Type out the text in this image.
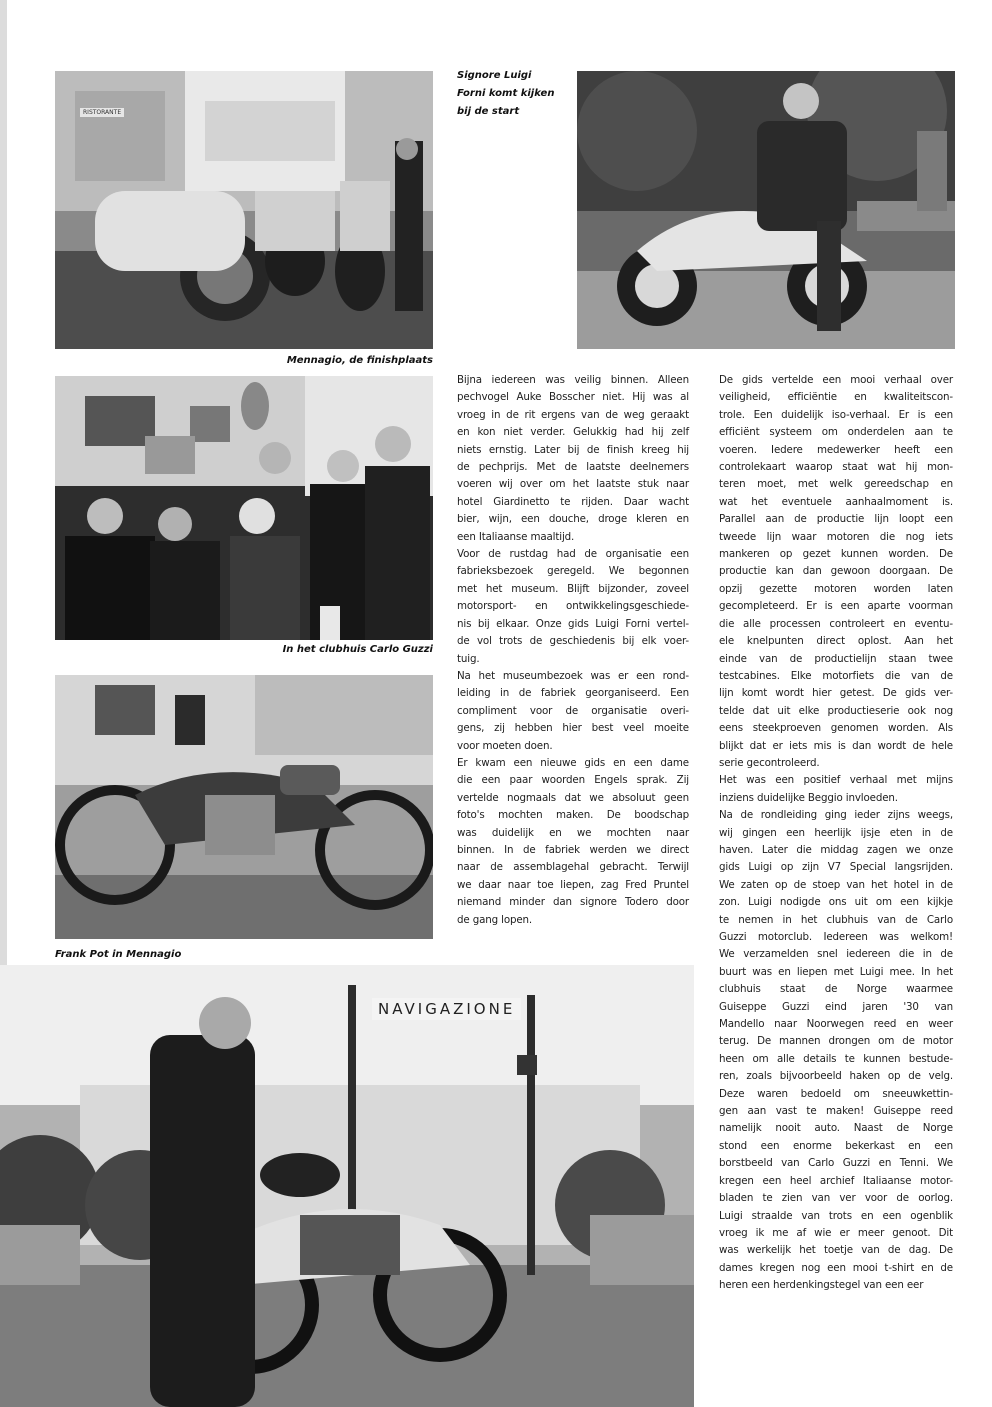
Mennagio, de finishplaats
Signore Luigi
Forni komt kijken
bij de start
In het clubhuis Carlo Guzzi
Frank Pot in Mennagio
NAVIGAZIONE

Bijna iedereen was veilig binnen. Alleen

pechvogel Auke Bosscher niet. Hij was al

vroeg in de rit ergens van de weg geraakt

en kon niet verder. Gelukkig had hij zelf

niets ernstig. Later bij de finish kreeg hij

de pechprijs. Met de laatste deelnemers

voeren wij over om het laatste stuk naar

hotel Giardinetto te rijden. Daar wacht

bier, wijn, een douche, droge kleren en

een Italiaanse maaltijd.

Voor de rustdag had de organisatie een

fabrieksbezoek geregeld. We begonnen

met het museum. Blijft bijzonder, zoveel

motorsport- en ontwikkelingsgeschiede-

nis bij elkaar. Onze gids Luigi Forni vertel-

de vol trots de geschiedenis bij elk voer-

tuig.

Na het museumbezoek was er een rond-

leiding in de fabriek georganiseerd. Een

compliment voor de organisatie overi-

gens, zij hebben hier best veel moeite

voor moeten doen.

Er kwam een nieuwe gids en een dame

die een paar woorden Engels sprak. Zij

vertelde nogmaals dat we absoluut geen

foto's mochten maken. De boodschap

was duidelijk en we mochten naar

binnen. In de fabriek werden we direct

naar de assemblagehal gebracht. Terwijl

we daar naar toe liepen, zag Fred Pruntel

niemand minder dan signore Todero door

de gang lopen.

De gids vertelde een mooi verhaal over

veiligheid, efficiëntie en kwaliteitscon-

trole. Een duidelijk iso-verhaal. Er is een

efficiënt systeem om onderdelen aan te

voeren. Iedere medewerker heeft een

controlekaart waarop staat wat hij mon-

teren moet, met welk gereedschap en

wat het eventuele aanhaalmoment is.

Parallel aan de productie lijn loopt een

tweede lijn waar motoren die nog iets

mankeren op gezet kunnen worden. De

productie kan dan gewoon doorgaan. De

opzij gezette motoren worden laten

gecompleteerd. Er is een aparte voorman

die alle processen controleert en eventu-

ele knelpunten direct oplost. Aan het

einde van de productielijn staan twee

testcabines. Elke motorfiets die van de

lijn komt wordt hier getest. De gids ver-

telde dat uit elke productieserie ook nog

eens steekproeven genomen worden. Als

blijkt dat er iets mis is dan wordt de hele

serie gecontroleerd.

Het was een positief verhaal met mijns

inziens duidelijke Beggio invloeden.

Na de rondleiding ging ieder zijns weegs,

wij gingen een heerlijk ijsje eten in de

haven. Later die middag zagen we onze

gids Luigi op zijn V7 Special langsrijden.

We zaten op de stoep van het hotel in de

zon. Luigi nodigde ons uit om een kijkje

te nemen in het clubhuis van de Carlo

Guzzi motorclub. Iedereen was welkom!

We verzamelden snel iedereen die in de

buurt was en liepen met Luigi mee. In het

clubhuis staat de Norge waarmee

Guiseppe Guzzi eind jaren '30 van

Mandello naar Noorwegen reed en weer

terug. De mannen drongen om de motor

heen om alle details te kunnen bestude-

ren, zoals bijvoorbeeld haken op de velg.

Deze waren bedoeld om sneeuwkettin-

gen aan vast te maken! Guiseppe reed

namelijk nooit auto. Naast de Norge

stond een enorme bekerkast en een

borstbeeld van Carlo Guzzi en Tenni. We

kregen een heel archief Italiaanse motor-

bladen te zien van ver voor de oorlog.

Luigi straalde van trots en een ogenblik

vroeg ik me af wie er meer genoot. Dit

was werkelijk het toetje van de dag. De

dames kregen nog een mooi t-shirt en de

heren een herdenkingstegel van een eer

RISTORANTE
